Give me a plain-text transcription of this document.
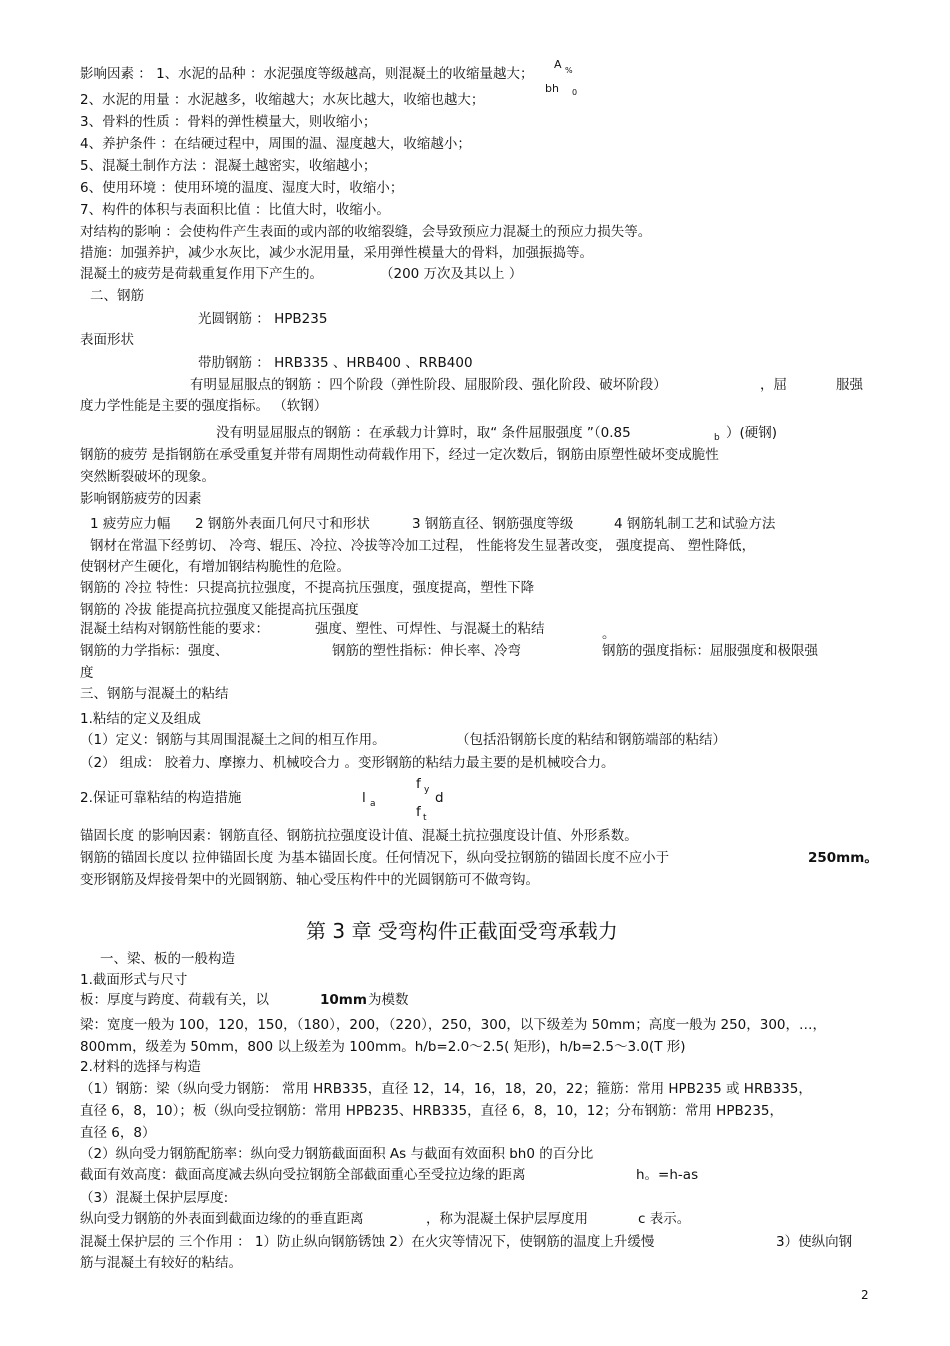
影响因素 ： 1、水泥的品种 ：水泥强度等级越高，则混凝土的收缩量越大；
A
bh 0
%
2、水泥的用量 ：水泥越多，收缩越大；水灰比越大，收缩也越大；
3、骨料的性质 ：骨料的弹性模量大，则收缩小；
4、养护条件 ：在结硬过程中，周围的温、湿度越大，收缩越小；
5、混凝土制作方法 ：混凝土越密实，收缩越小；
6、使用环境 ：使用环境的温度、湿度大时，收缩小；
7、构件的体积与表面积比值 ：比值大时，收缩小。
对结构的影响 ：会使构件产生表面的或内部的收缩裂缝，会导致预应力混凝土的预应力损失等。
措施：加强养护，减少水灰比，减少水泥用量，采用弹性模量大的骨料，加强振捣等。
混凝土的疲劳是荷载重复作用下产生的。	（200 万次及其以上 ）
二、钢筋
光圆钢筋 ： HPB235
表面形状
带肋钢筋 ： HRB335 、HRB400 、RRB400
有明显屈服点的钢筋 ：四个阶段（弹性阶段、屈服阶段、强化阶段、破坏阶段）	，屈	服强
度力学性能是主要的强度指标。 （软钢）
没有明显屈服点的钢筋 ：在承载力计算时，取“ 条件屈服强度 ”（0.85	b ）(硬钢)
钢筋的疲劳 是指钢筋在承受重复并带有周期性动荷载作用下，经过一定次数后，钢筋由原塑性破坏变成脆性
突然断裂破坏的现象。
影响钢筋疲劳的因素
1 疲劳应力幅 2 钢筋外表面几何尺寸和形状	3 钢筋直径、钢筋强度等级	4 钢筋轧制工艺和试验方法
钢材在常温下经剪切、 冷弯、辊压、冷拉、冷拔等冷加工过程， 性能将发生显著改变， 强度提高、 塑性降低，
使钢材产生硬化，有增加钢结构脆性的危险。
钢筋的 冷拉 特性：只提高抗拉强度，不提高抗压强度，强度提高，塑性下降
钢筋的 冷拔 能提高抗拉强度又能提高抗压强度
混凝土结构对钢筋性能的要求：	强度、塑性、可焊性、与混凝土的粘结	。
钢筋的力学指标：强度、	钢筋的塑性指标：伸长率、冷弯	钢筋的强度指标：屈服强度和极限强
度
三、钢筋与混凝土的粘结
1.粘结的定义及组成
（1）定义：钢筋与其周围混凝土之间的相互作用。	（包括沿钢筋长度的粘结和钢筋端部的粘结）
（2） 组成： 胶着力、摩擦力、机械咬合力 。变形钢筋的粘结力最主要的是机械咬合力。
2.保证可靠粘结的构造措施	l a
f y d
f t
锚固长度 的影响因素：钢筋直径、钢筋抗拉强度设计值、混凝土抗拉强度设计值、外形系数。
钢筋的锚固长度以 拉伸锚固长度 为基本锚固长度。任何情况下，纵向受拉钢筋的锚固长度不应小于	250mm。
变形钢筋及焊接骨架中的光圆钢筋、轴心受压构件中的光圆钢筋可不做弯钩。
第 3 章 受弯构件正截面受弯承载力
一、梁、板的一般构造
1.截面形式与尺寸
板：厚度与跨度、荷载有关，以	10mm 为模数
梁：宽度一般为 100，120，150，（180），200，（220），250，300，以下级差为 50mm；高度一般为 250，300，…，
800mm，级差为 50mm，800 以上级差为 100mm。h/b=2.0～2.5( 矩形)，h/b=2.5～3.0(T 形)
2.材料的选择与构造
（1）钢筋：梁（纵向受力钢筋： 常用 HRB335，直径 12，14，16，18，20，22；箍筋：常用 HPB235 或 HRB335，
直径 6，8，10）；板（纵向受拉钢筋：常用 HPB235、HRB335，直径 6，8，10，12；分布钢筋：常用 HPB235，
直径 6，8）
（2）纵向受力钢筋配筋率：纵向受力钢筋截面面积 As 与截面有效面积 bh0 的百分比
截面有效高度：截面高度减去纵向受拉钢筋全部截面重心至受拉边缘的距离	h。=h-as
（3）混凝土保护层厚度:
纵向受力钢筋的外表面到截面边缘的的垂直距离	，称为混凝土保护层厚度用	c 表示。
混凝土保护层的 三个作用 ： 1）防止纵向钢筋锈蚀 2）在火灾等情况下，使钢筋的温度上升缓慢	3）使纵向钢
筋与混凝土有较好的粘结。
2
